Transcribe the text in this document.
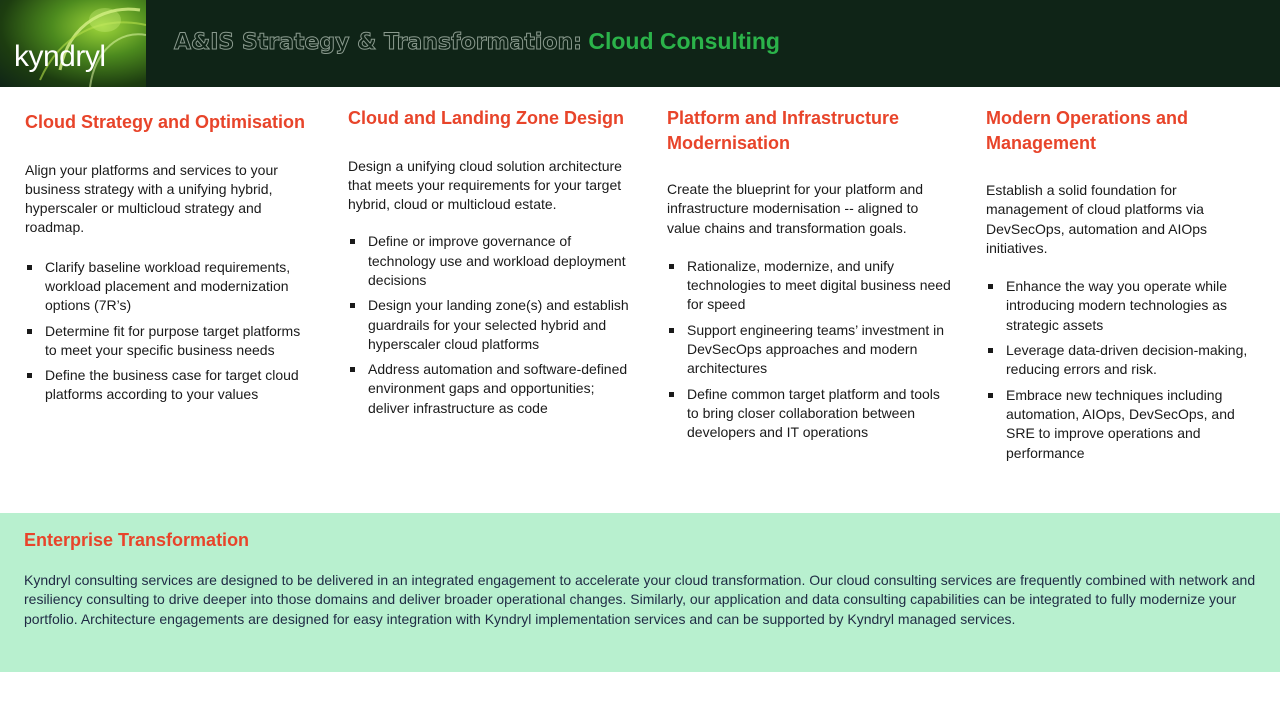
kyndryl	A&IS Strategy & Transformation: Cloud Consulting
Cloud Strategy and Optimisation

Align your platforms and services to your business strategy with a unifying hybrid, hyperscaler or multicloud strategy and roadmap.

Clarify baseline workload requirements, workload placement and modernization options (7R’s)
Determine fit for purpose target platforms to meet your specific business needs
Define the business case for target cloud platforms according to your values
Cloud and Landing Zone Design

Design a unifying cloud solution architecture that meets your requirements for your target hybrid, cloud or multicloud estate.

Define or improve governance of technology use and workload deployment decisions
Design your landing zone(s) and establish guardrails for your selected hybrid and hyperscaler cloud platforms
Address automation and software-defined environment gaps and opportunities; deliver infrastructure as code
Platform and Infrastructure Modernisation

Create the blueprint for your platform and infrastructure modernisation -- aligned to value chains and transformation goals.

Rationalize, modernize, and unify technologies to meet digital business need for speed
Support engineering teams’ investment in DevSecOps approaches and modern architectures
Define common target platform and tools to bring closer collaboration between developers and IT operations
Modern Operations and Management

Establish a solid foundation for management of cloud platforms via DevSecOps, automation and AIOps initiatives.

Enhance the way you operate while introducing modern technologies as strategic assets
Leverage data-driven decision-making, reducing errors and risk.
Embrace new techniques including automation, AIOps, DevSecOps, and SRE to improve operations and performance
Enterprise Transformation

Kyndryl consulting services are designed to be delivered in an integrated engagement to accelerate your cloud transformation. Our cloud consulting services are frequently combined with network and resiliency consulting to drive deeper into those domains and deliver broader operational changes. Similarly, our application and data consulting capabilities can be integrated to fully modernize your portfolio. Architecture engagements are designed for easy integration with Kyndryl implementation services and can be supported by Kyndryl managed services.
